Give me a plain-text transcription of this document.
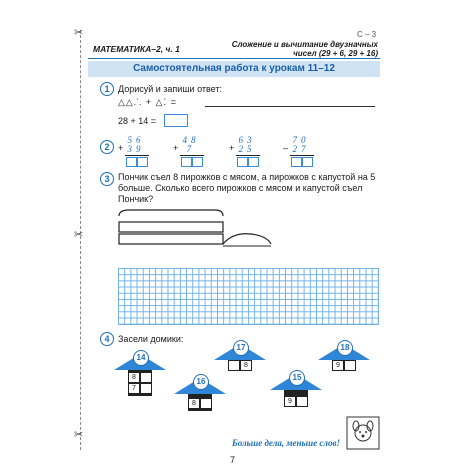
✂
✂
✂
С – 3
МАТЕМАТИКА–2, ч. 1	Сложение и вычитание двузначных
чисел (29 + 6, 29 + 16)
Самостоятельная работа к урокам 11–12
1 Дорисуй и запиши ответ:
△△⸫ + △⁚ =
28 + 14 =
2 +
56
39	+
48
7	+
63
25	–
70
27
3 Пончик съел 8 пирожков с мясом, а пирожков с капустой на 5 больше. Сколько всего пирожков с мясом и капустой съел Пончик?
4 Засели домики:
14
8
7
16
8
17
8
15
9
18
9
Больше дела, меньше слов!
7
